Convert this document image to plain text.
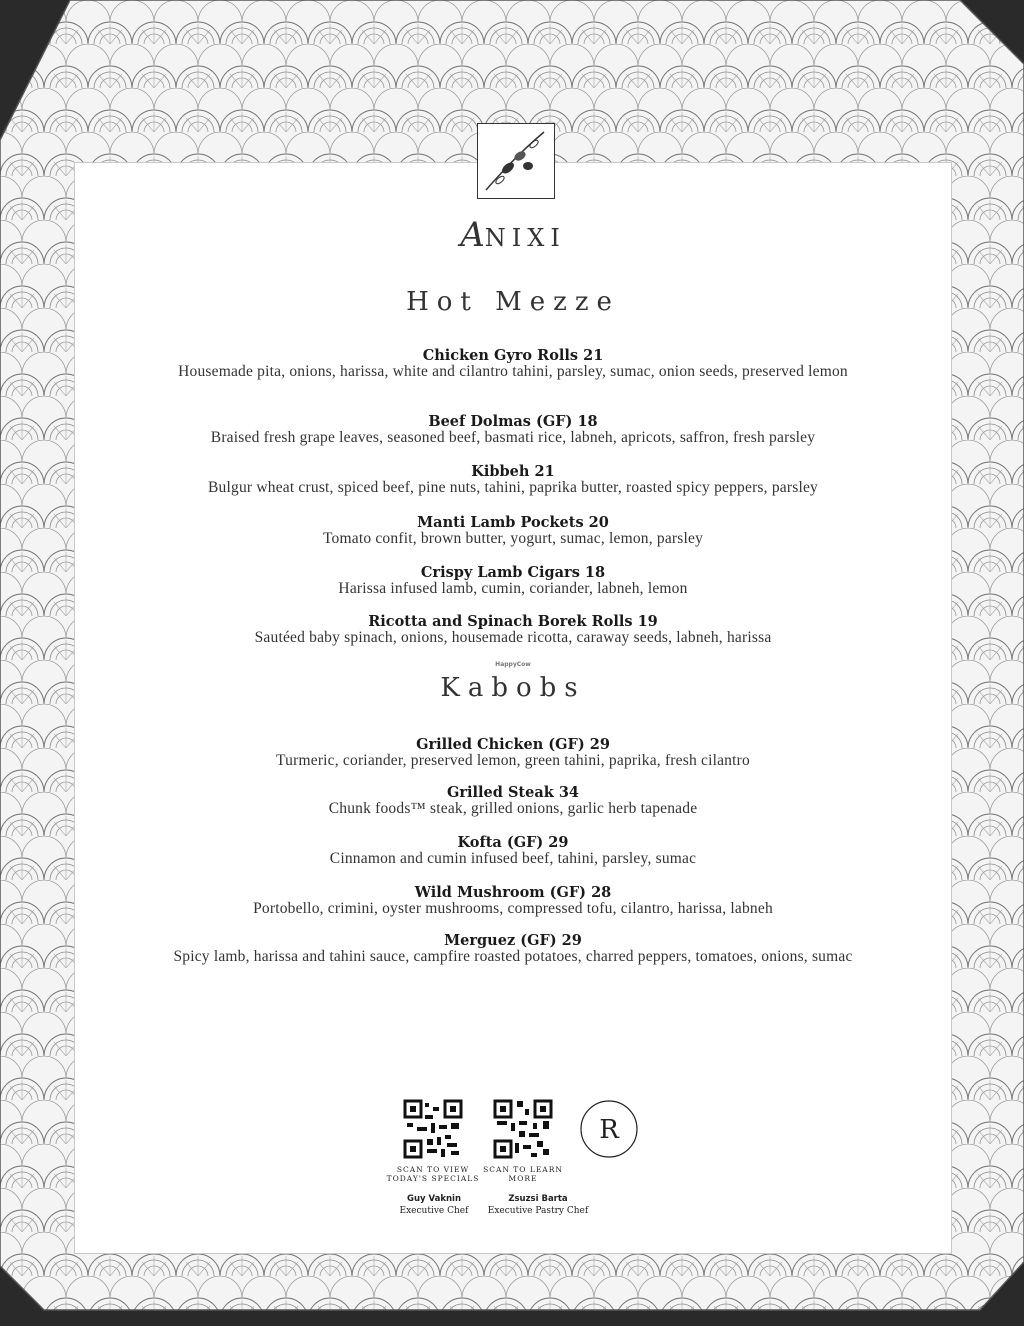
ANIXI
Hot Mezze
Chicken Gyro Rolls 21
Housemade pita, onions, harissa, white and cilantro tahini, parsley, sumac, onion seeds, preserved lemon
Beef Dolmas (GF) 18
Braised fresh grape leaves, seasoned beef, basmati rice, labneh, apricots, saffron, fresh parsley
Kibbeh 21
Bulgur wheat crust, spiced beef, pine nuts, tahini, paprika butter, roasted spicy peppers, parsley
Manti Lamb Pockets 20
Tomato confit, brown butter, yogurt, sumac, lemon, parsley
Crispy Lamb Cigars 18
Harissa infused lamb, cumin, coriander, labneh, lemon
Ricotta and Spinach Borek Rolls 19
Sautéed baby spinach, onions, housemade ricotta, caraway seeds, labneh, harissa
HappyCow
Kabobs
Grilled Chicken (GF) 29
Turmeric, coriander, preserved lemon, green tahini, paprika, fresh cilantro
Grilled Steak 34
Chunk foods™ steak, grilled onions, garlic herb tapenade
Kofta (GF) 29
Cinnamon and cumin infused beef, tahini, parsley, sumac
Wild Mushroom (GF) 28
Portobello, crimini, oyster mushrooms, compressed tofu, cilantro, harissa, labneh
Merguez (GF) 29
Spicy lamb, harissa and tahini sauce, campfire roasted potatoes, charred peppers, tomatoes, onions, sumac
R
SCAN TO VIEW TODAY'S SPECIALS
SCAN TO LEARN MORE
Guy Vaknin
Executive Chef
Zsuzsi Barta
Executive Pastry Chef
